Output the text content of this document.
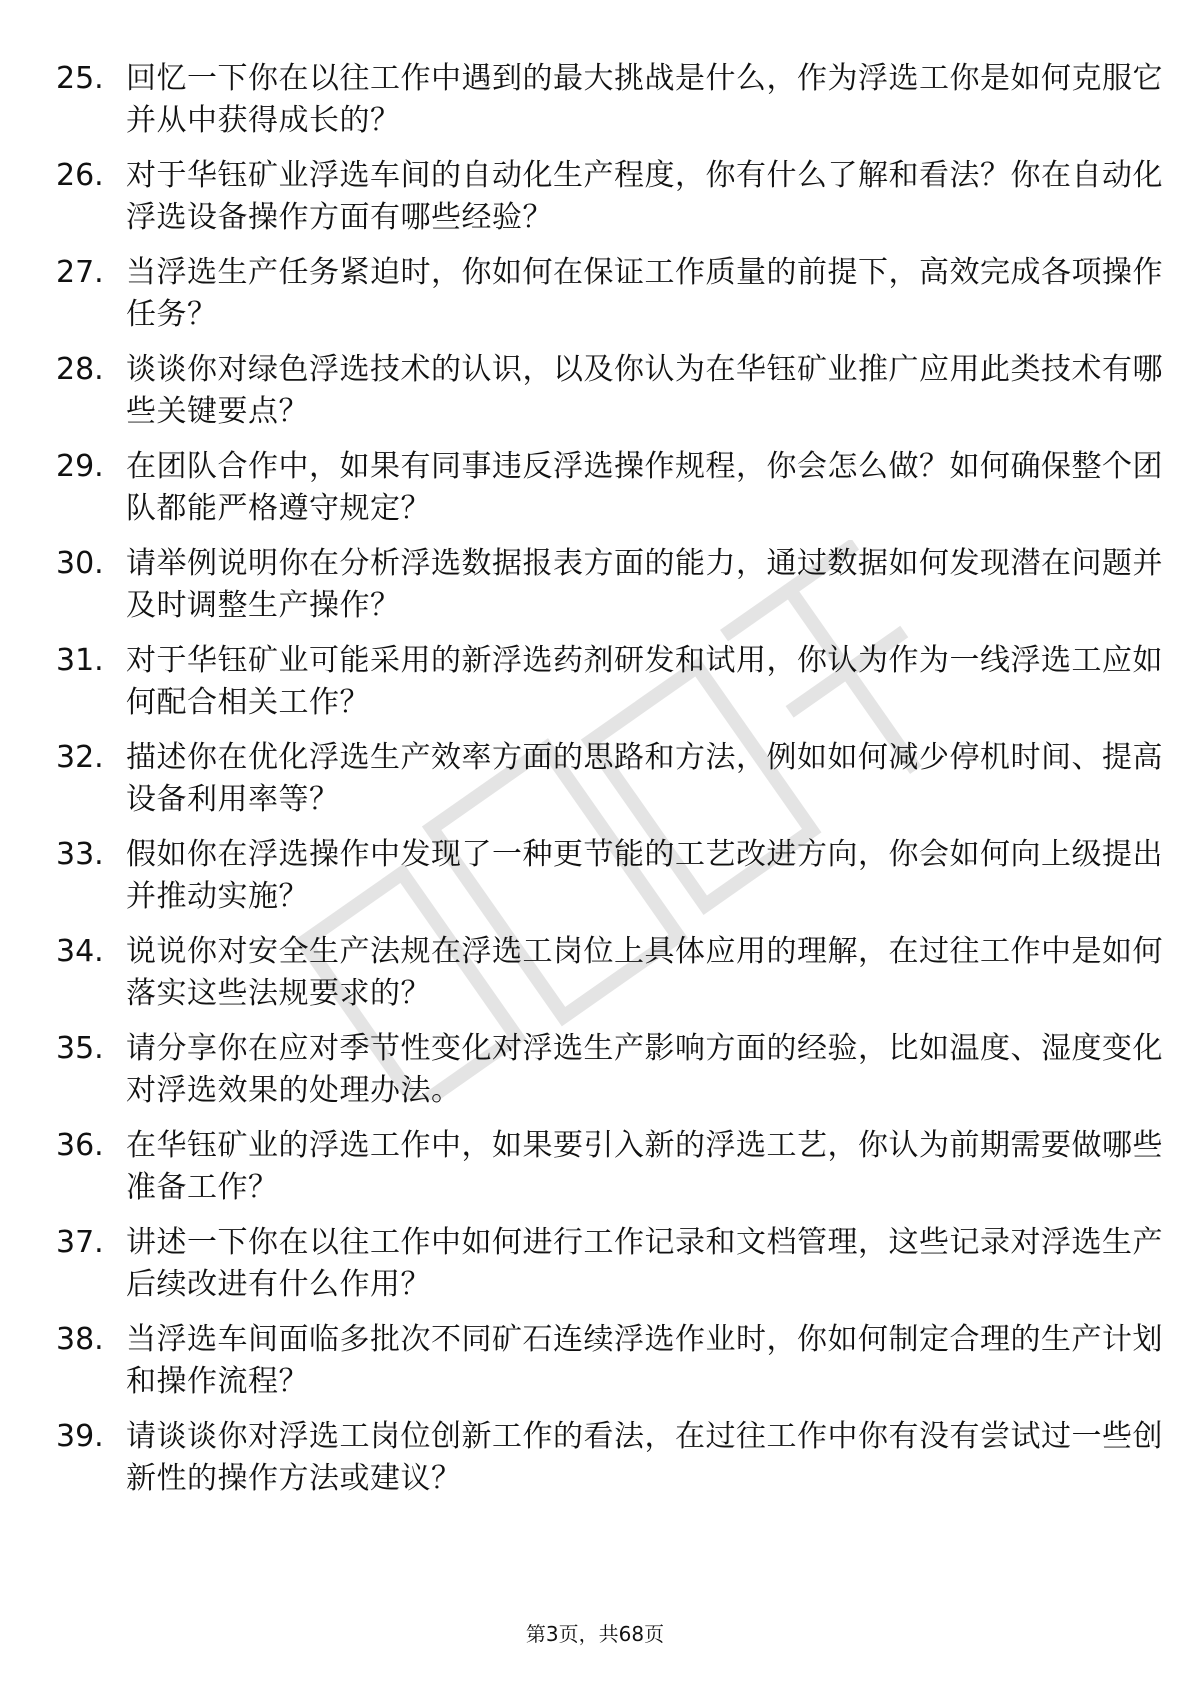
25. 回忆一下你在以往工作中遇到的最大挑战是什么，作为浮选工你是如何克服它并从中获得成长的？

26. 对于华钰矿业浮选车间的自动化生产程度，你有什么了解和看法？你在自动化浮选设备操作方面有哪些经验？

27. 当浮选生产任务紧迫时，你如何在保证工作质量的前提下，高效完成各项操作任务？

28. 谈谈你对绿色浮选技术的认识，以及你认为在华钰矿业推广应用此类技术有哪些关键要点？

29. 在团队合作中，如果有同事违反浮选操作规程，你会怎么做？如何确保整个团队都能严格遵守规定？

30. 请举例说明你在分析浮选数据报表方面的能力，通过数据如何发现潜在问题并及时调整生产操作？

31. 对于华钰矿业可能采用的新浮选药剂研发和试用，你认为作为一线浮选工应如何配合相关工作？

32. 描述你在优化浮选生产效率方面的思路和方法，例如如何减少停机时间、提高设备利用率等？

33. 假如你在浮选操作中发现了一种更节能的工艺改进方向，你会如何向上级提出并推动实施？

34. 说说你对安全生产法规在浮选工岗位上具体应用的理解，在过往工作中是如何落实这些法规要求的？

35. 请分享你在应对季节性变化对浮选生产影响方面的经验，比如温度、湿度变化对浮选效果的处理办法。

36. 在华钰矿业的浮选工作中，如果要引入新的浮选工艺，你认为前期需要做哪些准备工作？

37. 讲述一下你在以往工作中如何进行工作记录和文档管理，这些记录对浮选生产后续改进有什么作用？

38. 当浮选车间面临多批次不同矿石连续浮选作业时，你如何制定合理的生产计划和操作流程？

39. 请谈谈你对浮选工岗位创新工作的看法，在过往工作中你有没有尝试过一些创新性的操作方法或建议？

第3页，共68页
